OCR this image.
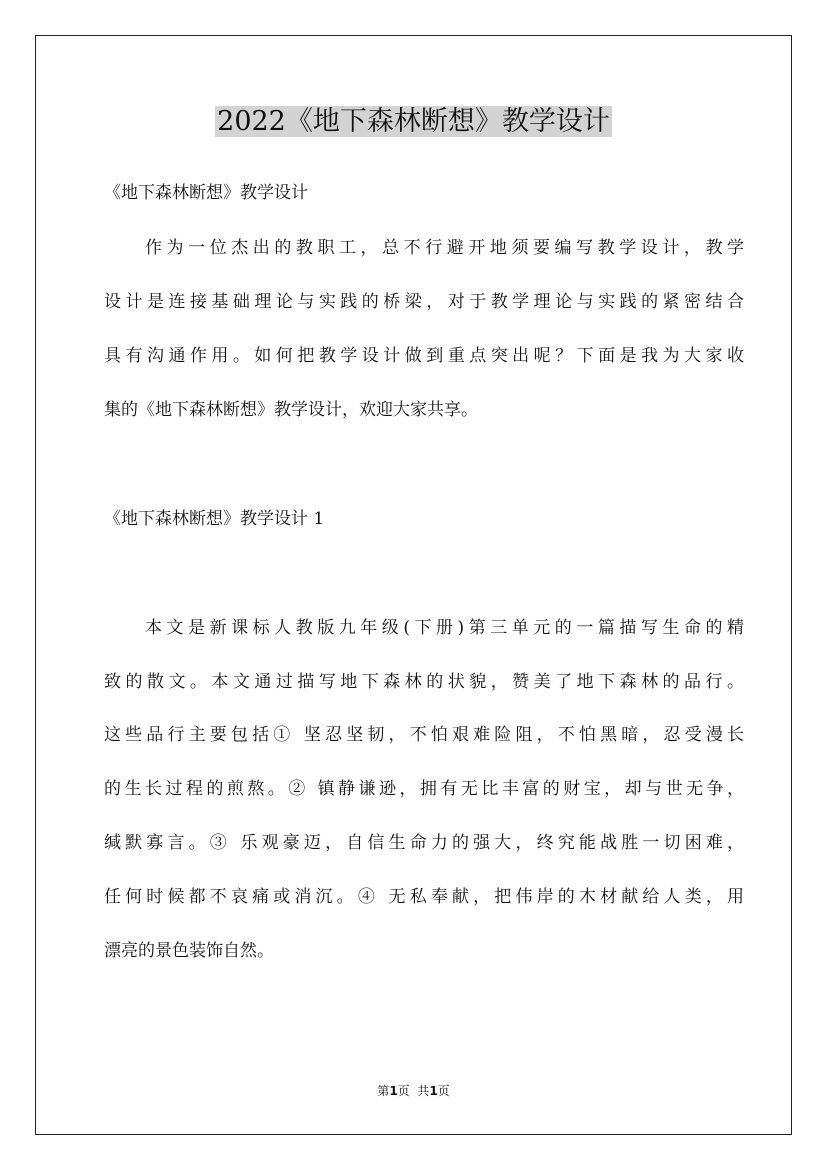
2022《地下森林断想》教学设计

《地下森林断想》教学设计

作为一位杰出的教职工，总不行避开地须要编写教学设计，教学

设计是连接基础理论与实践的桥梁，对于教学理论与实践的紧密结合

具有沟通作用。如何把教学设计做到重点突出呢？下面是我为大家收

集的《地下森林断想》教学设计，欢迎大家共享。

《地下森林断想》教学设计 1

本文是新课标人教版九年级(下册)第三单元的一篇描写生命的精

致的散文。本文通过描写地下森林的状貌，赞美了地下森林的品行。

这些品行主要包括① 坚忍坚韧，不怕艰难险阻，不怕黑暗，忍受漫长

的生长过程的煎熬。② 镇静谦逊，拥有无比丰富的财宝，却与世无争，

缄默寡言。③ 乐观豪迈，自信生命力的强大，终究能战胜一切困难，

任何时候都不哀痛或消沉。④ 无私奉献，把伟岸的木材献给人类，用

漂亮的景色装饰自然。

第1页  共1页
